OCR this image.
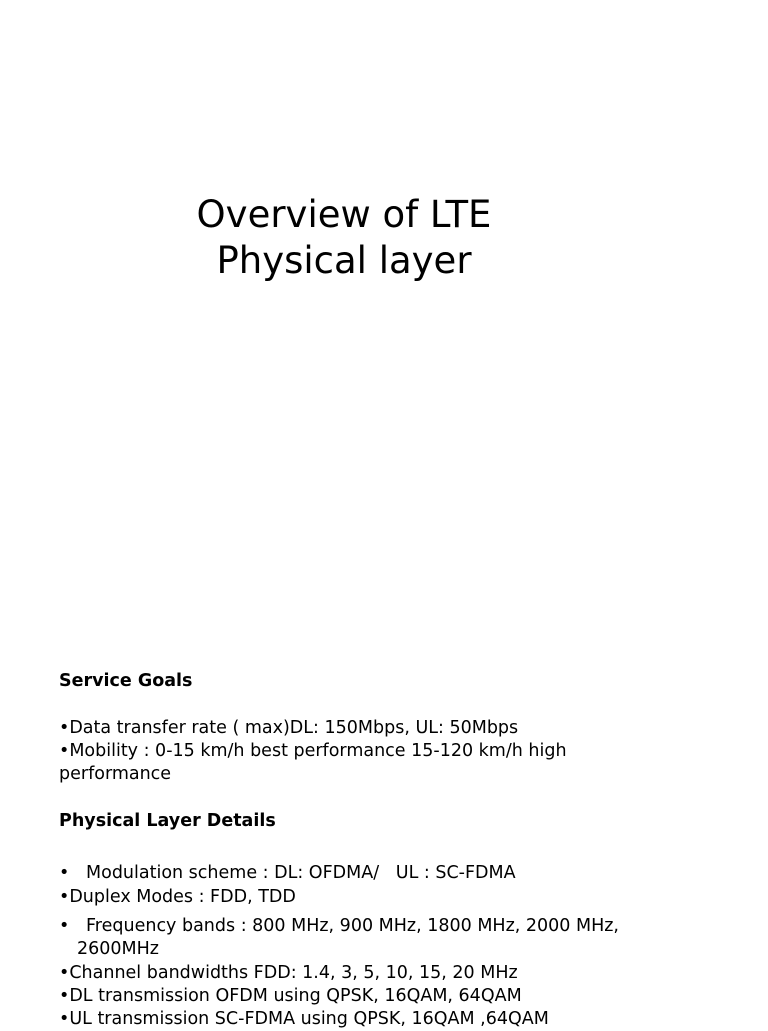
Overview of LTE
Physical layer

Service Goals

•Data transfer rate ( max)DL: 150Mbps, UL: 50Mbps

•Mobility : 0-15 km/h best performance 15-120 km/h high

performance

Physical Layer Details

•   Modulation scheme : DL: OFDMA/   UL : SC-FDMA

•Duplex Modes : FDD, TDD

•   Frequency bands : 800 MHz, 900 MHz, 1800 MHz, 2000 MHz,

2600MHz

•Channel bandwidths FDD: 1.4, 3, 5, 10, 15, 20 MHz

•DL transmission OFDM using QPSK, 16QAM, 64QAM

•UL transmission SC-FDMA using QPSK, 16QAM ,64QAM
